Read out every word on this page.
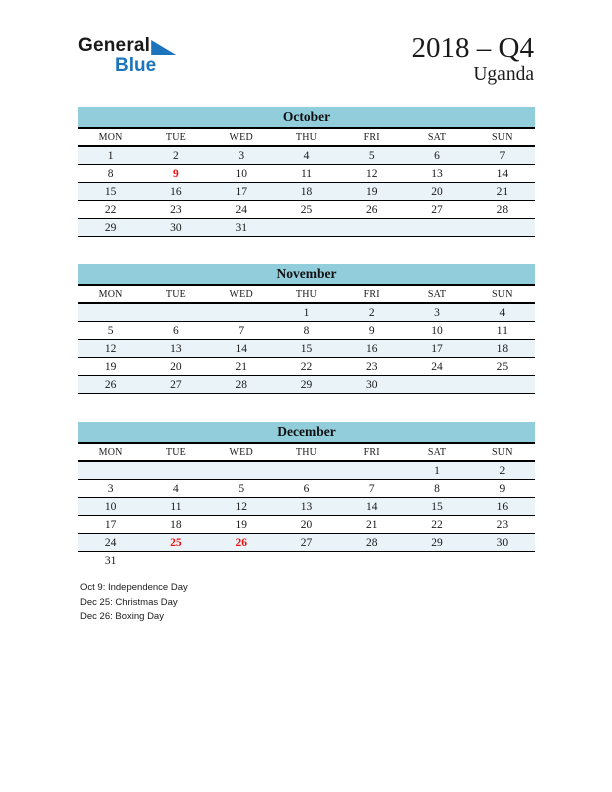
General
Blue
2018 – Q4
Uganda
October
MON	TUE	WED	THU	FRI	SAT	SUN
1	2	3	4	5	6	7
8	9	10	11	12	13	14
15	16	17	18	19	20	21
22	23	24	25	26	27	28
29	30	31				
November
MON	TUE	WED	THU	FRI	SAT	SUN
			1	2	3	4
5	6	7	8	9	10	11
12	13	14	15	16	17	18
19	20	21	22	23	24	25
26	27	28	29	30		
December
MON	TUE	WED	THU	FRI	SAT	SUN
					1	2
3	4	5	6	7	8	9
10	11	12	13	14	15	16
17	18	19	20	21	22	23
24	25	26	27	28	29	30
31						
Oct 9: Independence Day
Dec 25: Christmas Day
Dec 26: Boxing Day
